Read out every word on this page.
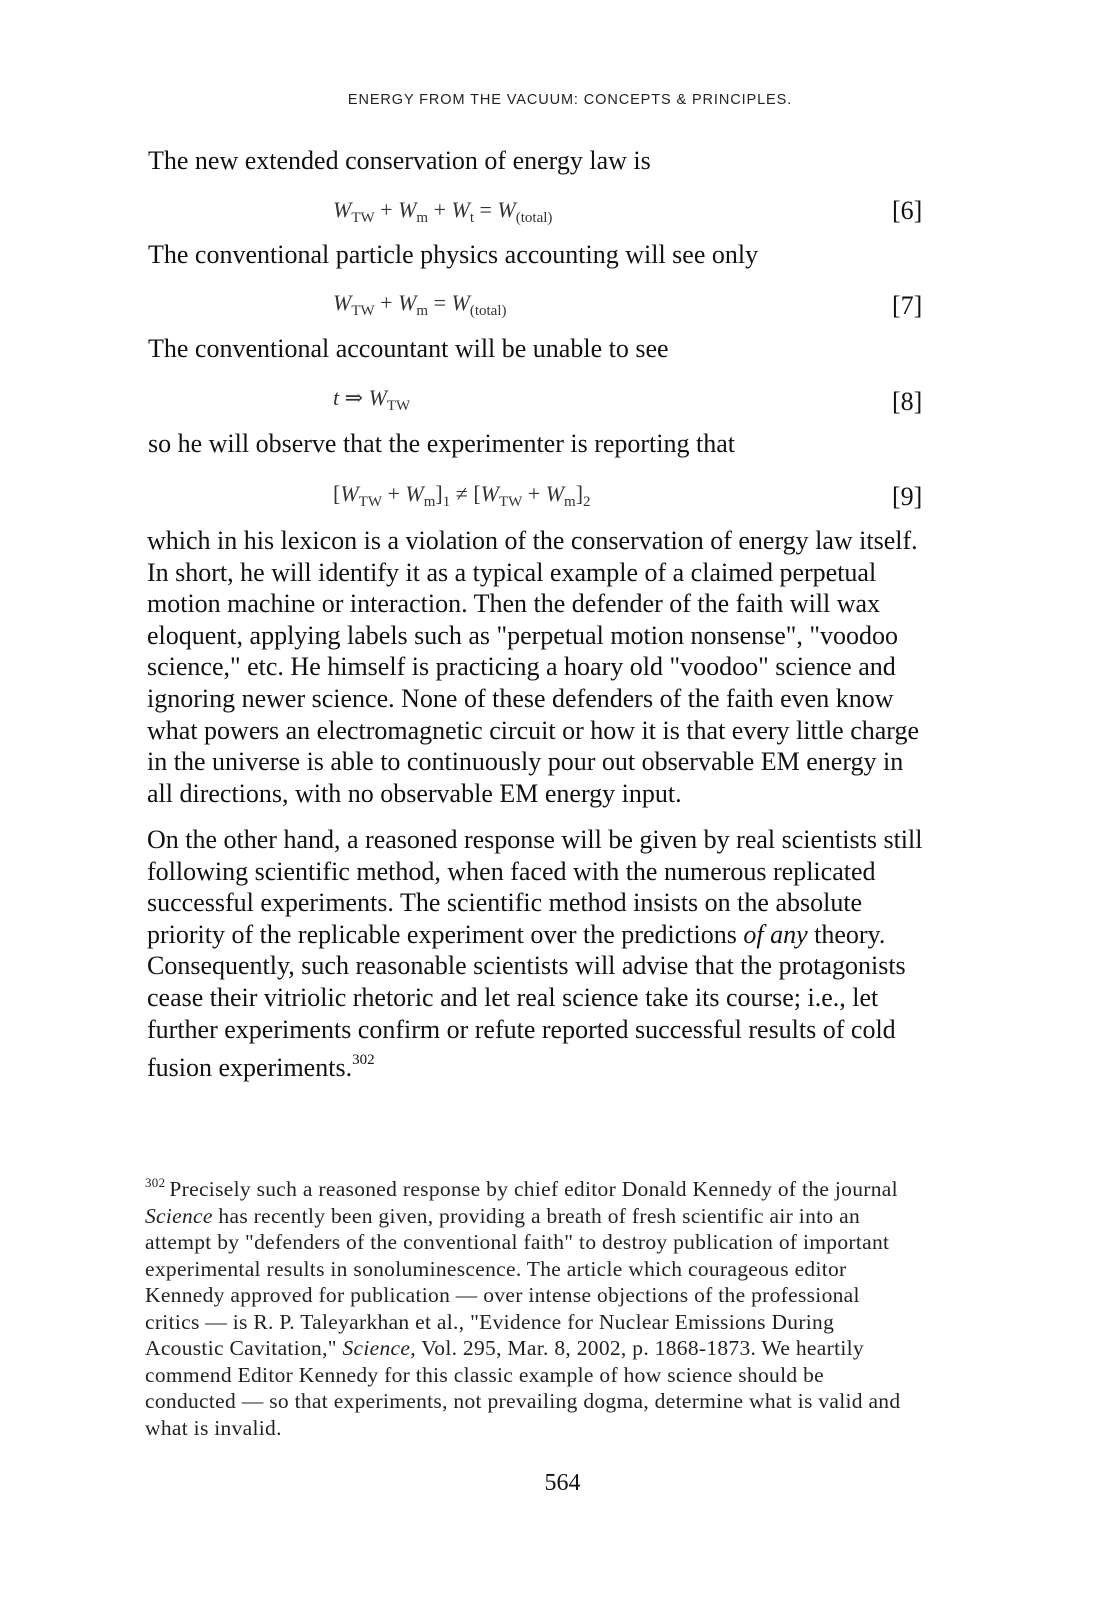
ENERGY FROM THE VACUUM: CONCEPTS & PRINCIPLES.
The new extended conservation of energy law is
$W_{TW} + W_m + W_t = W_{(total)}$	[6]
The conventional particle physics accounting will see only
$W_{TW} + W_m = W_{(total)}$	[7]
The conventional accountant will be unable to see
t ⇒ $W_{TW}$	[8]
so he will observe that the experimenter is reporting that
$[W_{TW} + W_m]_1 \ne [W_{TW} + W_m]_2$	[9]
which in his lexicon is a violation of the conservation of energy law itself.
In short, he will identify it as a typical example of a claimed perpetual
motion machine or interaction. Then the defender of the faith will wax
eloquent, applying labels such as "perpetual motion nonsense", "voodoo
science," etc. He himself is practicing a hoary old "voodoo" science and
ignoring newer science. None of these defenders of the faith even know
what powers an electromagnetic circuit or how it is that every little charge
in the universe is able to continuously pour out observable EM energy in
all directions, with no observable EM energy input.
On the other hand, a reasoned response will be given by real scientists still
following scientific method, when faced with the numerous replicated
successful experiments. The scientific method insists on the absolute
priority of the replicable experiment over the predictions of any theory.
Consequently, such reasonable scientists will advise that the protagonists
cease their vitriolic rhetoric and let real science take its course; i.e., let
further experiments confirm or refute reported successful results of cold
fusion experiments.$^{302}$
$^{302}$ Precisely such a reasoned response by chief editor Donald Kennedy of the journal
Science has recently been given, providing a breath of fresh scientific air into an
attempt by "defenders of the conventional faith" to destroy publication of important
experimental results in sonoluminescence. The article which courageous editor
Kennedy approved for publication — over intense objections of the professional
critics — is R. P. Taleyarkhan et al., "Evidence for Nuclear Emissions During
Acoustic Cavitation," Science, Vol. 295, Mar. 8, 2002, p. 1868-1873. We heartily
commend Editor Kennedy for this classic example of how science should be
conducted — so that experiments, not prevailing dogma, determine what is valid and
what is invalid.
564
